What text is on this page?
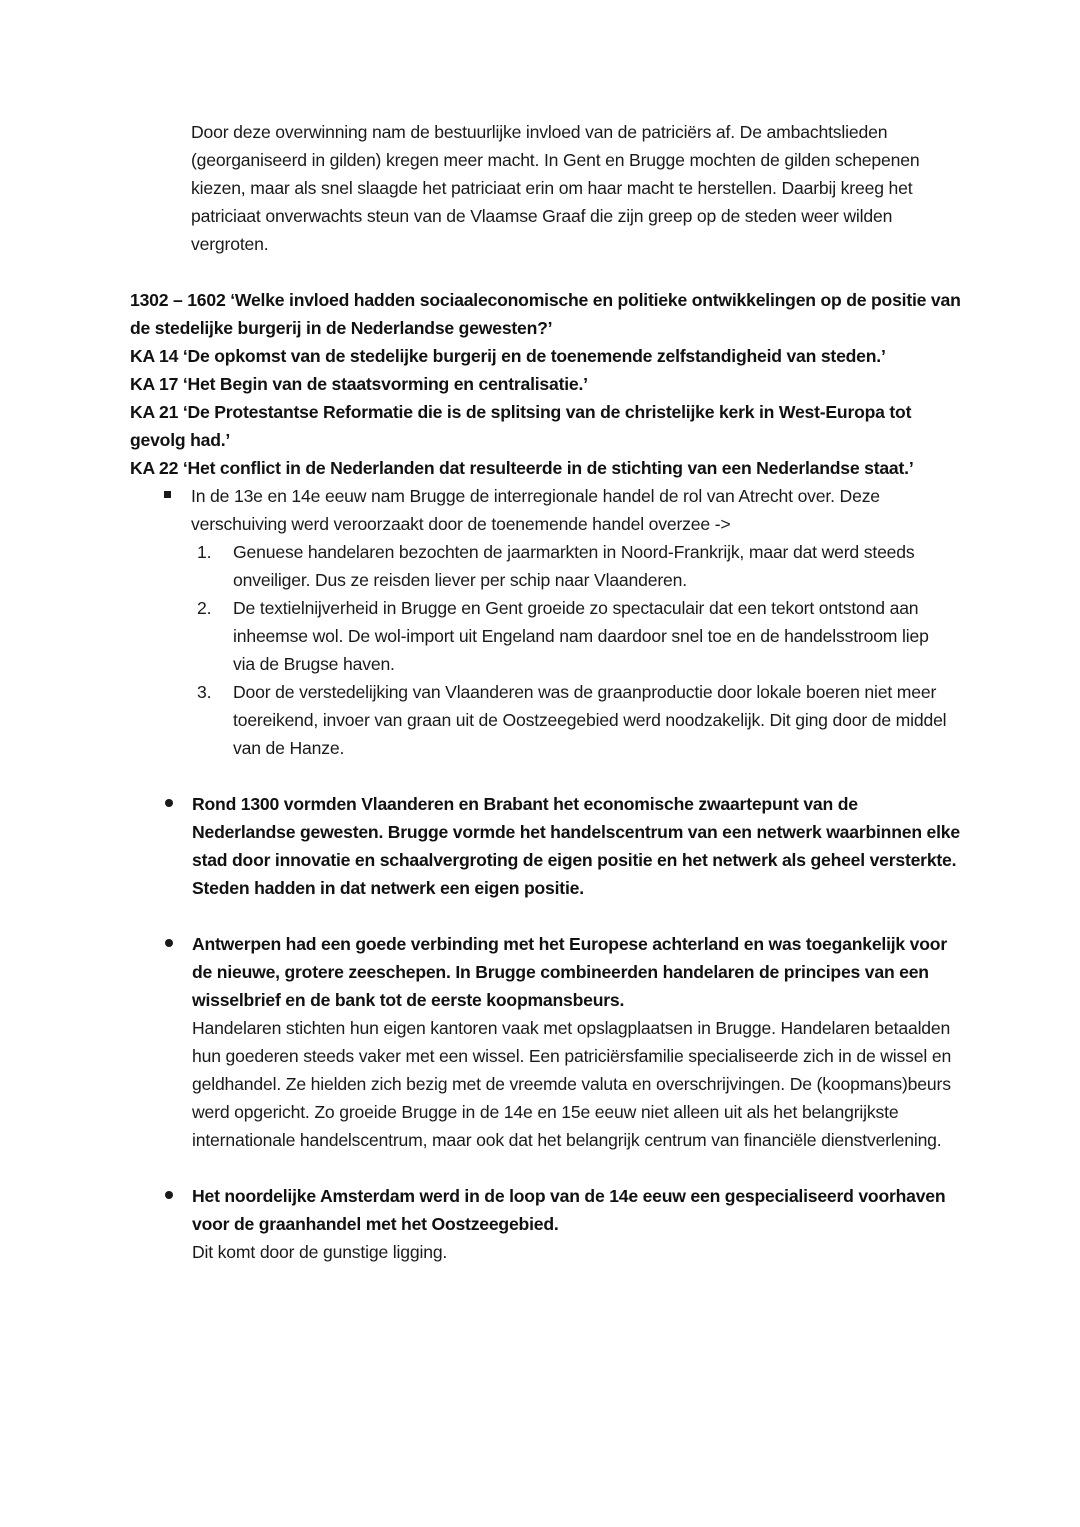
Door deze overwinning nam de bestuurlijke invloed van de patriciërs af. De ambachtslieden (georganiseerd in gilden) kregen meer macht. In Gent en Brugge mochten de gilden schepenen kiezen, maar als snel slaagde het patriciaat erin om haar macht te herstellen. Daarbij kreeg het patriciaat onverwachts steun van de Vlaamse Graaf die zijn greep op de steden weer wilden vergroten.

1302 – 1602 ‘Welke invloed hadden sociaaleconomische en politieke ontwikkelingen op de positie van de stedelijke burgerij in de Nederlandse gewesten?’

KA 14 ‘De opkomst van de stedelijke burgerij en de toenemende zelfstandigheid van steden.’

KA 17 ‘Het Begin van de staatsvorming en centralisatie.’

KA 21 ‘De Protestantse Reformatie die is de splitsing van de christelijke kerk in West-Europa tot gevolg had.’

KA 22 ‘Het conflict in de Nederlanden dat resulteerde in de stichting van een Nederlandse staat.’

In de 13e en 14e eeuw nam Brugge de interregionale handel de rol van Atrecht over. Deze verschuiving werd veroorzaakt door de toenemende handel overzee ->
1.	Genuese handelaren bezochten de jaarmarkten in Noord-Frankrijk, maar dat werd steeds onveiliger. Dus ze reisden liever per schip naar Vlaanderen.
2.	De textielnijverheid in Brugge en Gent groeide zo spectaculair dat een tekort ontstond aan inheemse wol. De wol-import uit Engeland nam daardoor snel toe en de handelsstroom liep via de Brugse haven.
3.	Door de verstedelijking van Vlaanderen was de graanproductie door lokale boeren niet meer toereikend, invoer van graan uit de Oostzeegebied werd noodzakelijk. Dit ging door de middel van de Hanze.
Rond 1300 vormden Vlaanderen en Brabant het economische zwaartepunt van de Nederlandse gewesten. Brugge vormde het handelscentrum van een netwerk waarbinnen elke stad door innovatie en schaalvergroting de eigen positie en het netwerk als geheel versterkte. Steden hadden in dat netwerk een eigen positie.
Antwerpen had een goede verbinding met het Europese achterland en was toegankelijk voor de nieuwe, grotere zeeschepen. In Brugge combineerden handelaren de principes van een wisselbrief en de bank tot de eerste koopmansbeurs.
Handelaren stichten hun eigen kantoren vaak met opslagplaatsen in Brugge. Handelaren betaalden hun goederen steeds vaker met een wissel. Een patriciërsfamilie specialiseerde zich in de wissel en geldhandel. Ze hielden zich bezig met de vreemde valuta en overschrijvingen. De (koopmans)beurs werd opgericht. Zo groeide Brugge in de 14e en 15e eeuw niet alleen uit als het belangrijkste internationale handelscentrum, maar ook dat het belangrijk centrum van financiële dienstverlening.
Het noordelijke Amsterdam werd in de loop van de 14e eeuw een gespecialiseerd voorhaven voor de graanhandel met het Oostzeegebied.
Dit komt door de gunstige ligging.
